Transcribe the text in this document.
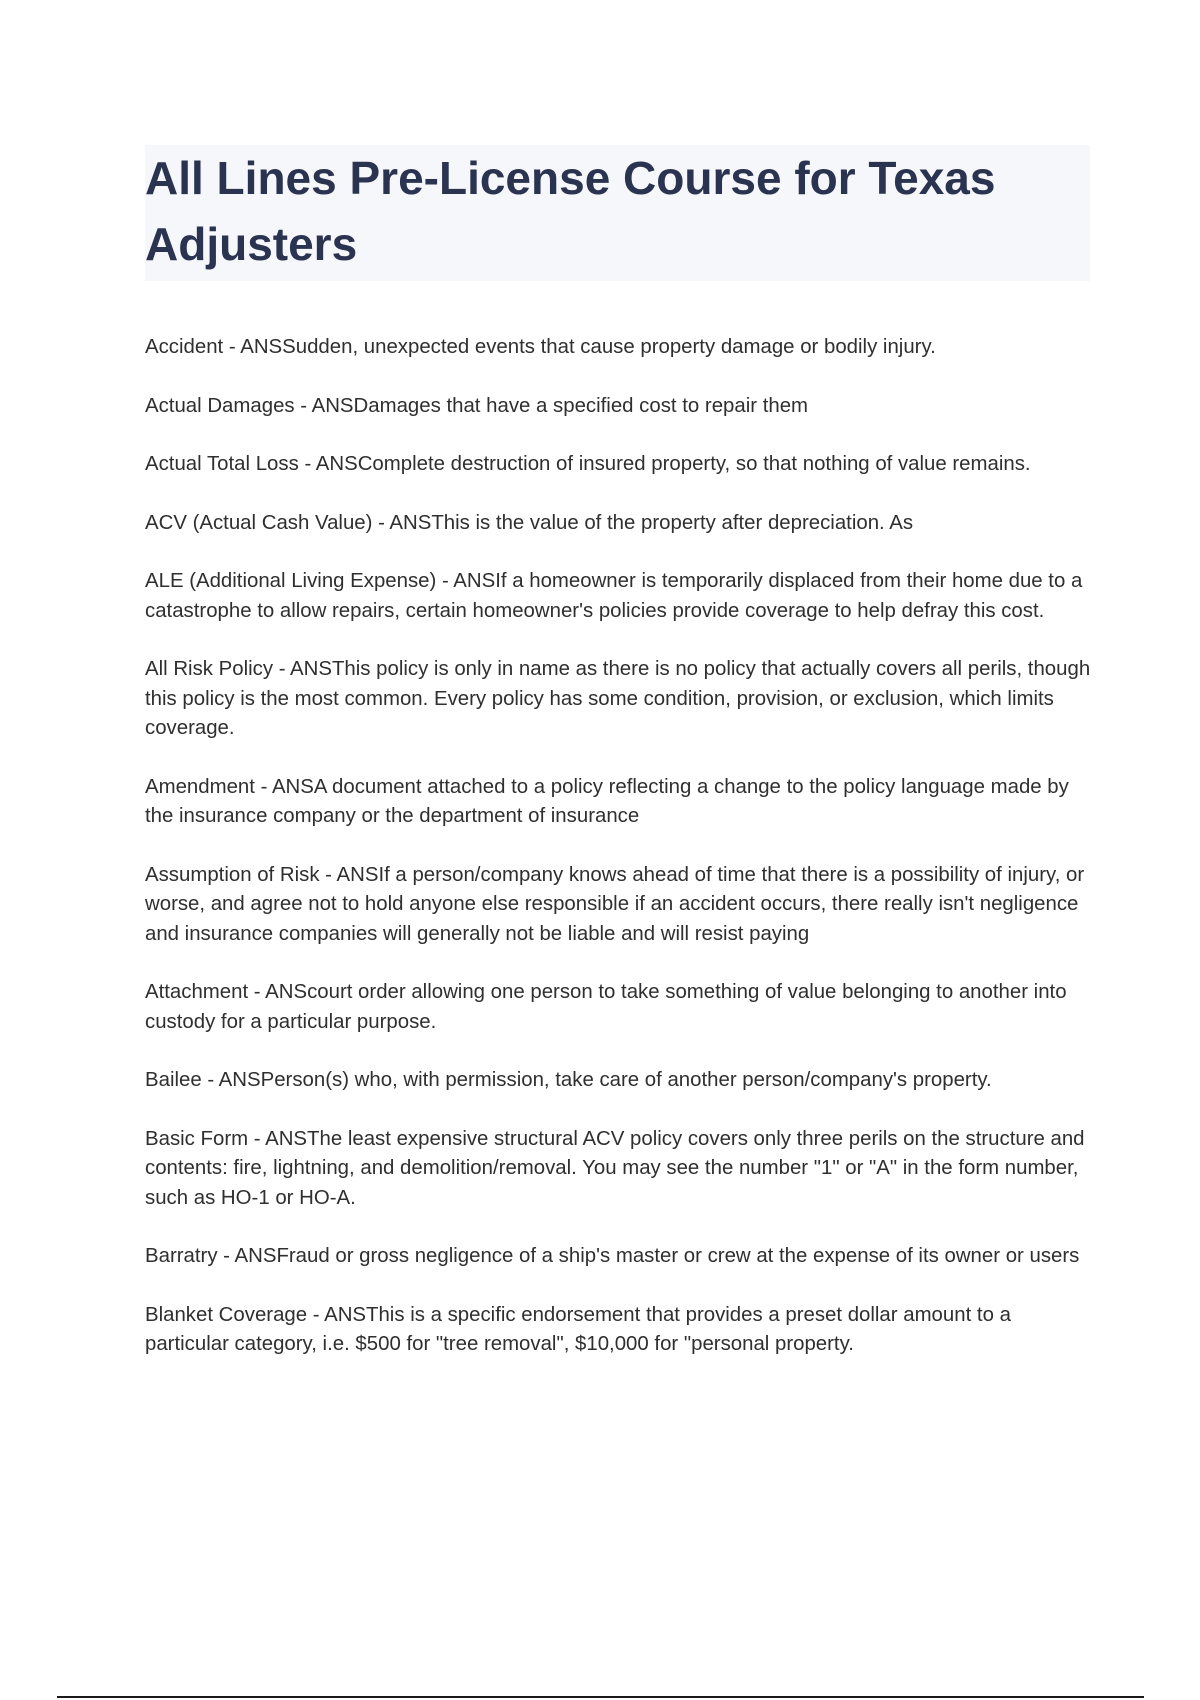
All Lines Pre-License Course for Texas Adjusters

Accident - ANSSudden, unexpected events that cause property damage or bodily injury.

Actual Damages - ANSDamages that have a specified cost to repair them

Actual Total Loss - ANSComplete destruction of insured property, so that nothing of value remains.

ACV (Actual Cash Value) - ANSThis is the value of the property after depreciation. As

ALE (Additional Living Expense) - ANSIf a homeowner is temporarily displaced from their home due to a catastrophe to allow repairs, certain homeowner's policies provide coverage to help defray this cost.

All Risk Policy - ANSThis policy is only in name as there is no policy that actually covers all perils, though this policy is the most common. Every policy has some condition, provision, or exclusion, which limits coverage.

Amendment - ANSA document attached to a policy reflecting a change to the policy language made by the insurance company or the department of insurance

Assumption of Risk - ANSIf a person/company knows ahead of time that there is a possibility of injury, or worse, and agree not to hold anyone else responsible if an accident occurs, there really isn't negligence and insurance companies will generally not be liable and will resist paying

Attachment - ANScourt order allowing one person to take something of value belonging to another into custody for a particular purpose.

Bailee - ANSPerson(s) who, with permission, take care of another person/company's property.

Basic Form - ANSThe least expensive structural ACV policy covers only three perils on the structure and contents: fire, lightning, and demolition/removal. You may see the number "1" or "A" in the form number, such as HO-1 or HO-A.

Barratry - ANSFraud or gross negligence of a ship's master or crew at the expense of its owner or users

Blanket Coverage - ANSThis is a specific endorsement that provides a preset dollar amount to a particular category, i.e. $500 for "tree removal", $10,000 for "personal property.
